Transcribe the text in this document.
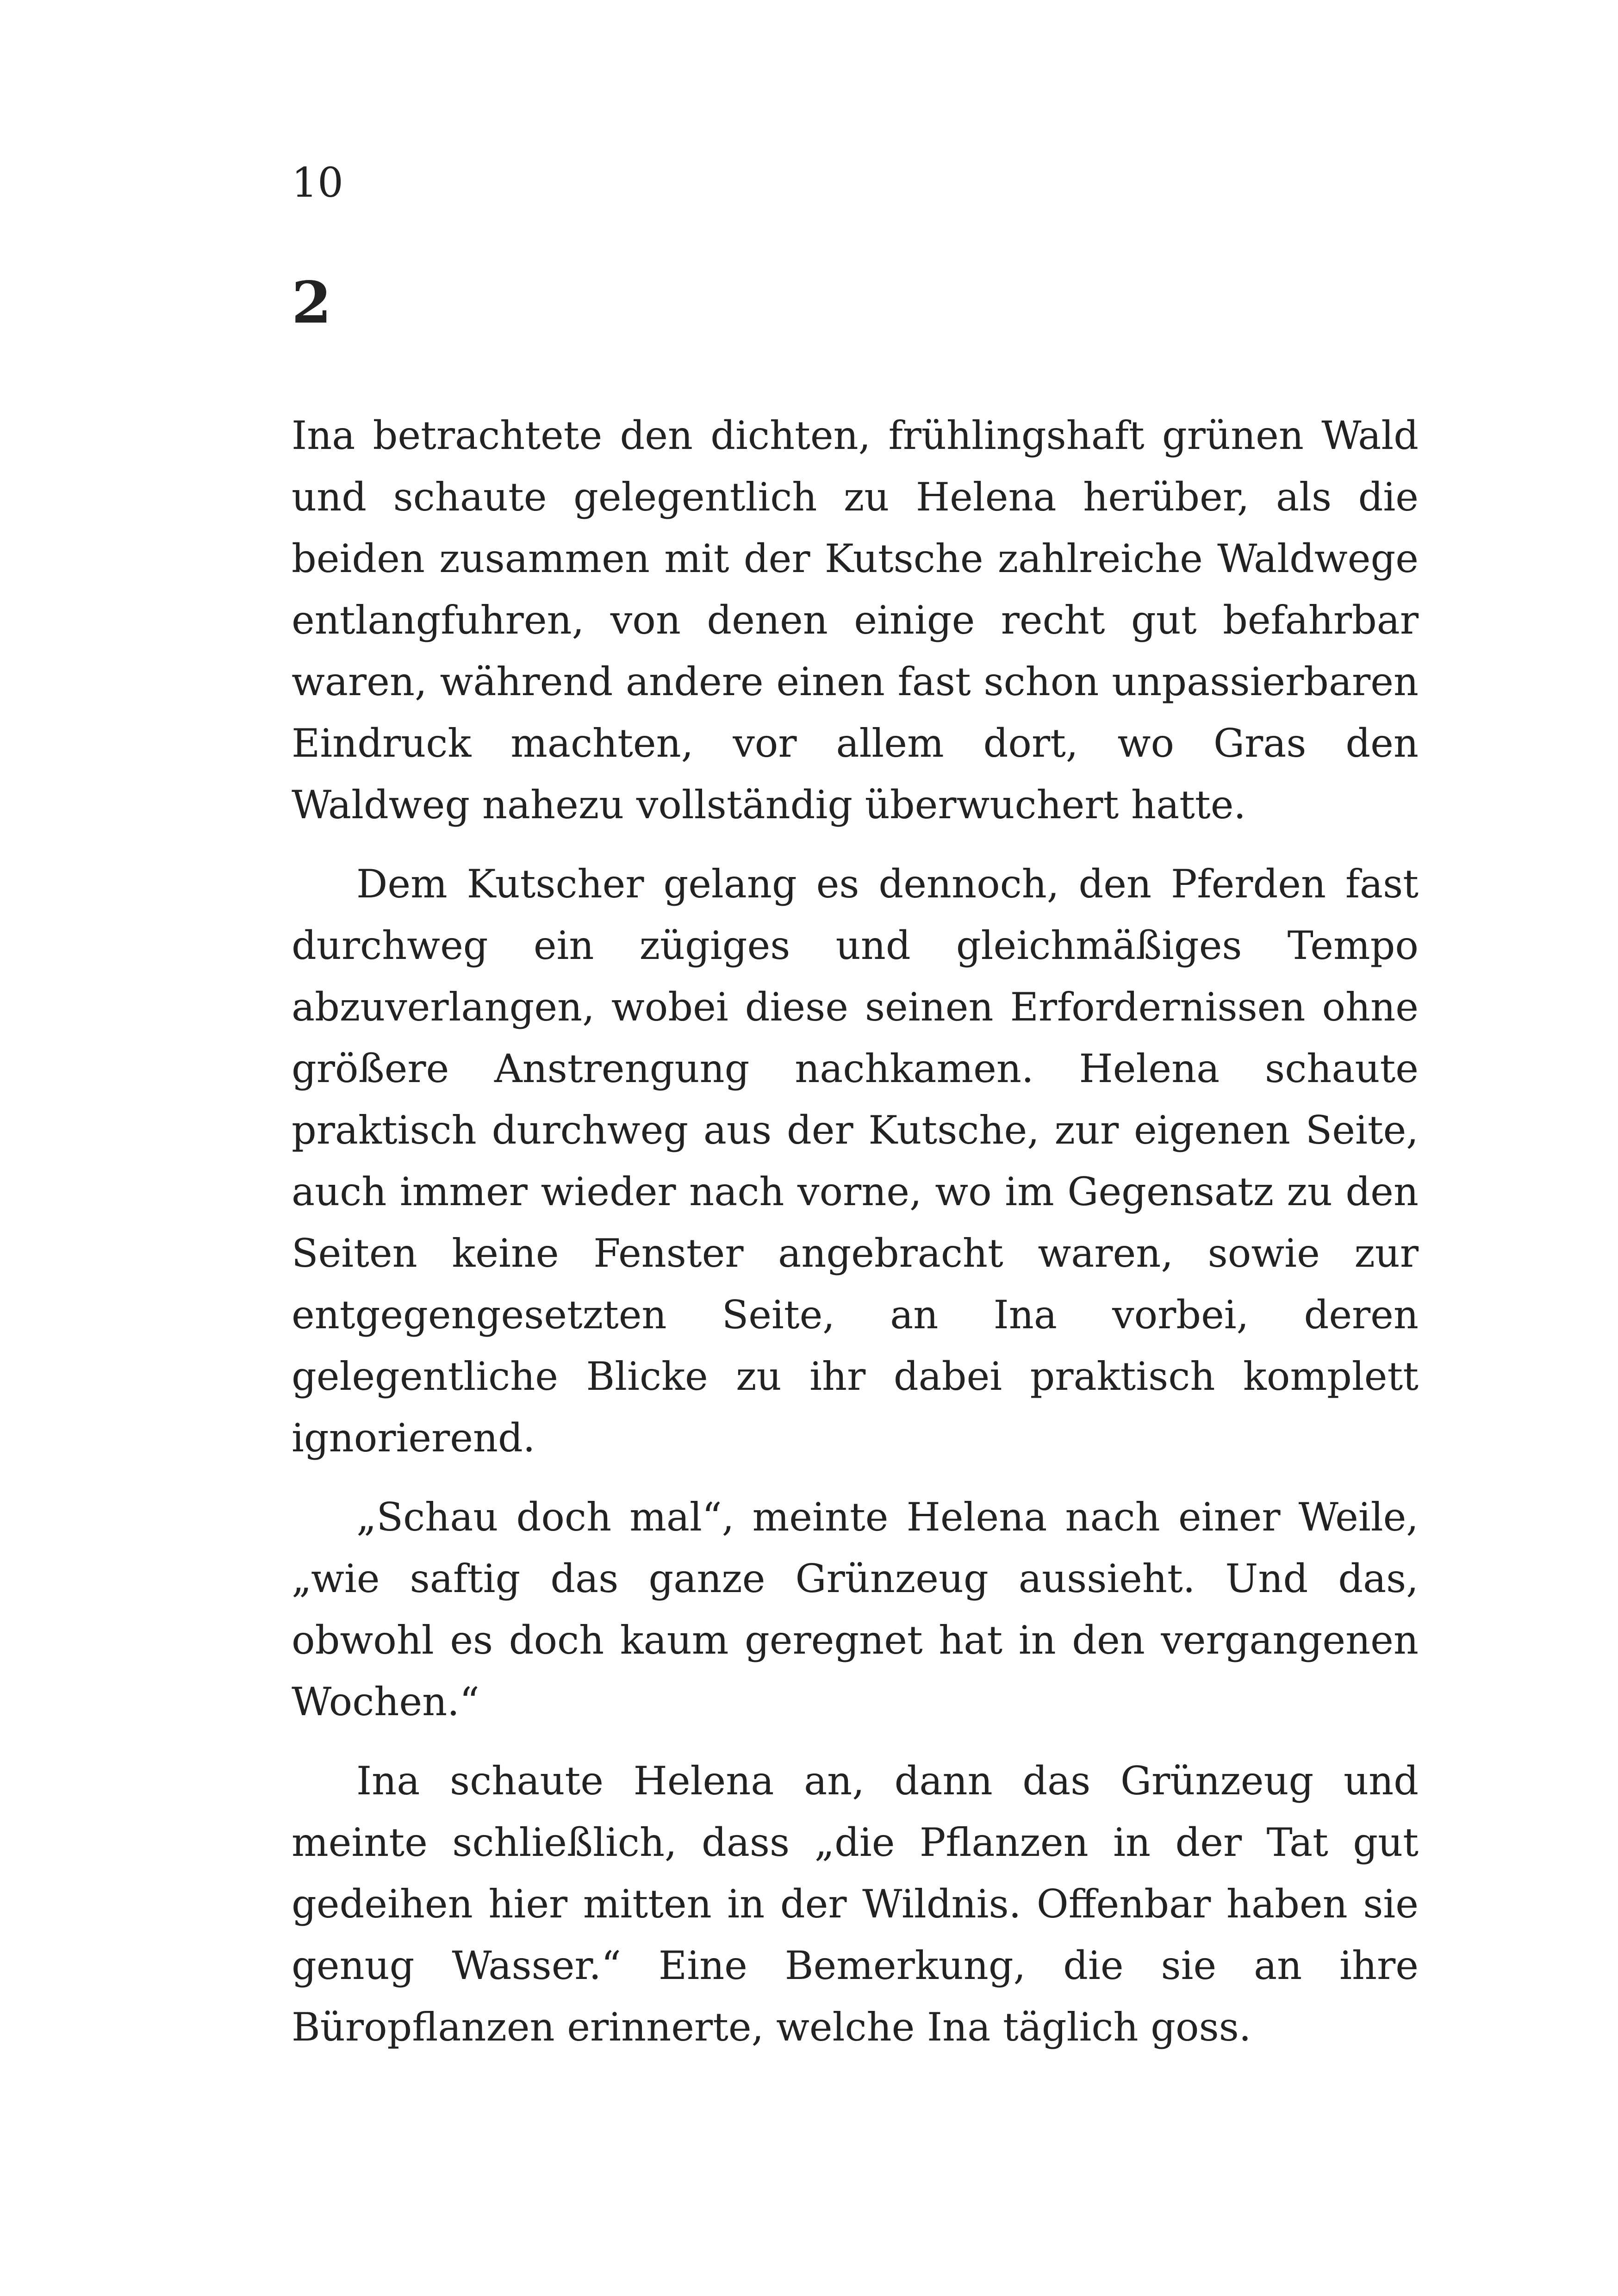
10
2

Ina betrachtete den dichten, frühlingshaft grünen Wald und schaute gelegentlich zu Helena herüber, als die beiden zusammen mit der Kutsche zahlreiche Waldwege entlangfuhren, von denen einige recht gut befahrbar waren, während andere einen fast schon unpassierbaren Eindruck machten, vor allem dort, wo Gras den Waldweg nahezu vollständig überwuchert hatte.

Dem Kutscher gelang es dennoch, den Pferden fast durchweg ein zügiges und gleichmäßiges Tempo abzuverlangen, wobei diese seinen Erfordernissen ohne größere Anstrengung nachkamen. Helena schaute praktisch durchweg aus der Kutsche, zur eigenen Seite, auch immer wieder nach vorne, wo im Gegensatz zu den Seiten keine Fenster angebracht waren, sowie zur entgegengesetzten Seite, an Ina vorbei, deren gelegentliche Blicke zu ihr dabei praktisch komplett ignorierend.

„Schau doch mal“, meinte Helena nach einer Weile, „wie saftig das ganze Grünzeug aussieht. Und das, obwohl es doch kaum geregnet hat in den vergangenen Wochen.“

Ina schaute Helena an, dann das Grünzeug und meinte schließlich, dass „die Pflanzen in der Tat gut gedeihen hier mitten in der Wildnis. Offenbar haben sie genug Wasser.“ Eine Bemerkung, die sie an ihre Büropflanzen erinnerte, welche Ina täglich goss.
